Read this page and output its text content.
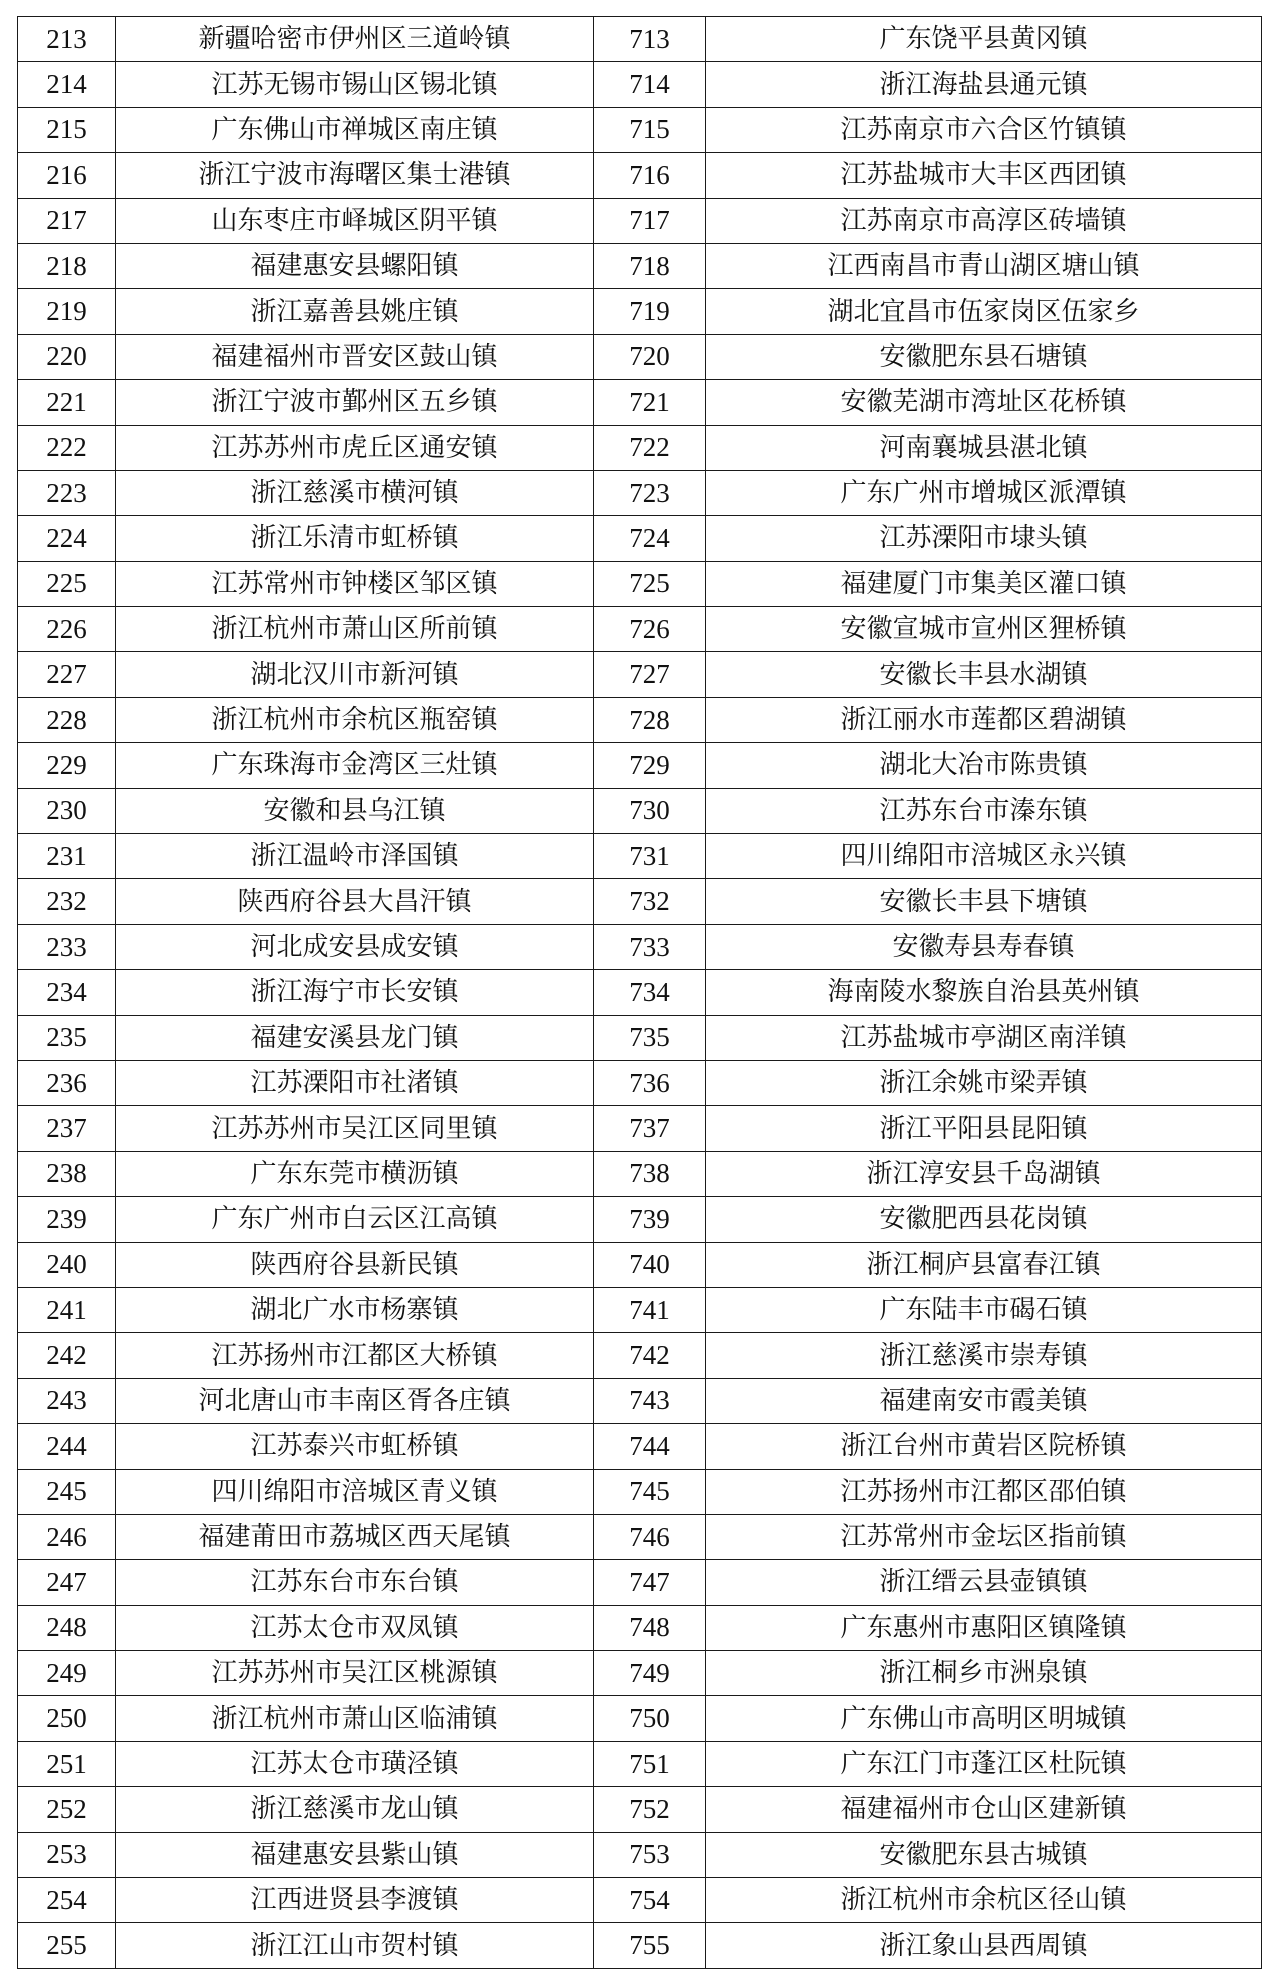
213	新疆哈密市伊州区三道岭镇	713	广东饶平县黄冈镇
214	江苏无锡市锡山区锡北镇	714	浙江海盐县通元镇
215	广东佛山市禅城区南庄镇	715	江苏南京市六合区竹镇镇
216	浙江宁波市海曙区集士港镇	716	江苏盐城市大丰区西团镇
217	山东枣庄市峄城区阴平镇	717	江苏南京市高淳区砖墙镇
218	福建惠安县螺阳镇	718	江西南昌市青山湖区塘山镇
219	浙江嘉善县姚庄镇	719	湖北宜昌市伍家岗区伍家乡
220	福建福州市晋安区鼓山镇	720	安徽肥东县石塘镇
221	浙江宁波市鄞州区五乡镇	721	安徽芜湖市湾址区花桥镇
222	江苏苏州市虎丘区通安镇	722	河南襄城县湛北镇
223	浙江慈溪市横河镇	723	广东广州市增城区派潭镇
224	浙江乐清市虹桥镇	724	江苏溧阳市埭头镇
225	江苏常州市钟楼区邹区镇	725	福建厦门市集美区灌口镇
226	浙江杭州市萧山区所前镇	726	安徽宣城市宣州区狸桥镇
227	湖北汉川市新河镇	727	安徽长丰县水湖镇
228	浙江杭州市余杭区瓶窑镇	728	浙江丽水市莲都区碧湖镇
229	广东珠海市金湾区三灶镇	729	湖北大冶市陈贵镇
230	安徽和县乌江镇	730	江苏东台市溱东镇
231	浙江温岭市泽国镇	731	四川绵阳市涪城区永兴镇
232	陕西府谷县大昌汗镇	732	安徽长丰县下塘镇
233	河北成安县成安镇	733	安徽寿县寿春镇
234	浙江海宁市长安镇	734	海南陵水黎族自治县英州镇
235	福建安溪县龙门镇	735	江苏盐城市亭湖区南洋镇
236	江苏溧阳市社渚镇	736	浙江余姚市梁弄镇
237	江苏苏州市吴江区同里镇	737	浙江平阳县昆阳镇
238	广东东莞市横沥镇	738	浙江淳安县千岛湖镇
239	广东广州市白云区江高镇	739	安徽肥西县花岗镇
240	陕西府谷县新民镇	740	浙江桐庐县富春江镇
241	湖北广水市杨寨镇	741	广东陆丰市碣石镇
242	江苏扬州市江都区大桥镇	742	浙江慈溪市崇寿镇
243	河北唐山市丰南区胥各庄镇	743	福建南安市霞美镇
244	江苏泰兴市虹桥镇	744	浙江台州市黄岩区院桥镇
245	四川绵阳市涪城区青义镇	745	江苏扬州市江都区邵伯镇
246	福建莆田市荔城区西天尾镇	746	江苏常州市金坛区指前镇
247	江苏东台市东台镇	747	浙江缙云县壶镇镇
248	江苏太仓市双凤镇	748	广东惠州市惠阳区镇隆镇
249	江苏苏州市吴江区桃源镇	749	浙江桐乡市洲泉镇
250	浙江杭州市萧山区临浦镇	750	广东佛山市高明区明城镇
251	江苏太仓市璜泾镇	751	广东江门市蓬江区杜阮镇
252	浙江慈溪市龙山镇	752	福建福州市仓山区建新镇
253	福建惠安县紫山镇	753	安徽肥东县古城镇
254	江西进贤县李渡镇	754	浙江杭州市余杭区径山镇
255	浙江江山市贺村镇	755	浙江象山县西周镇
